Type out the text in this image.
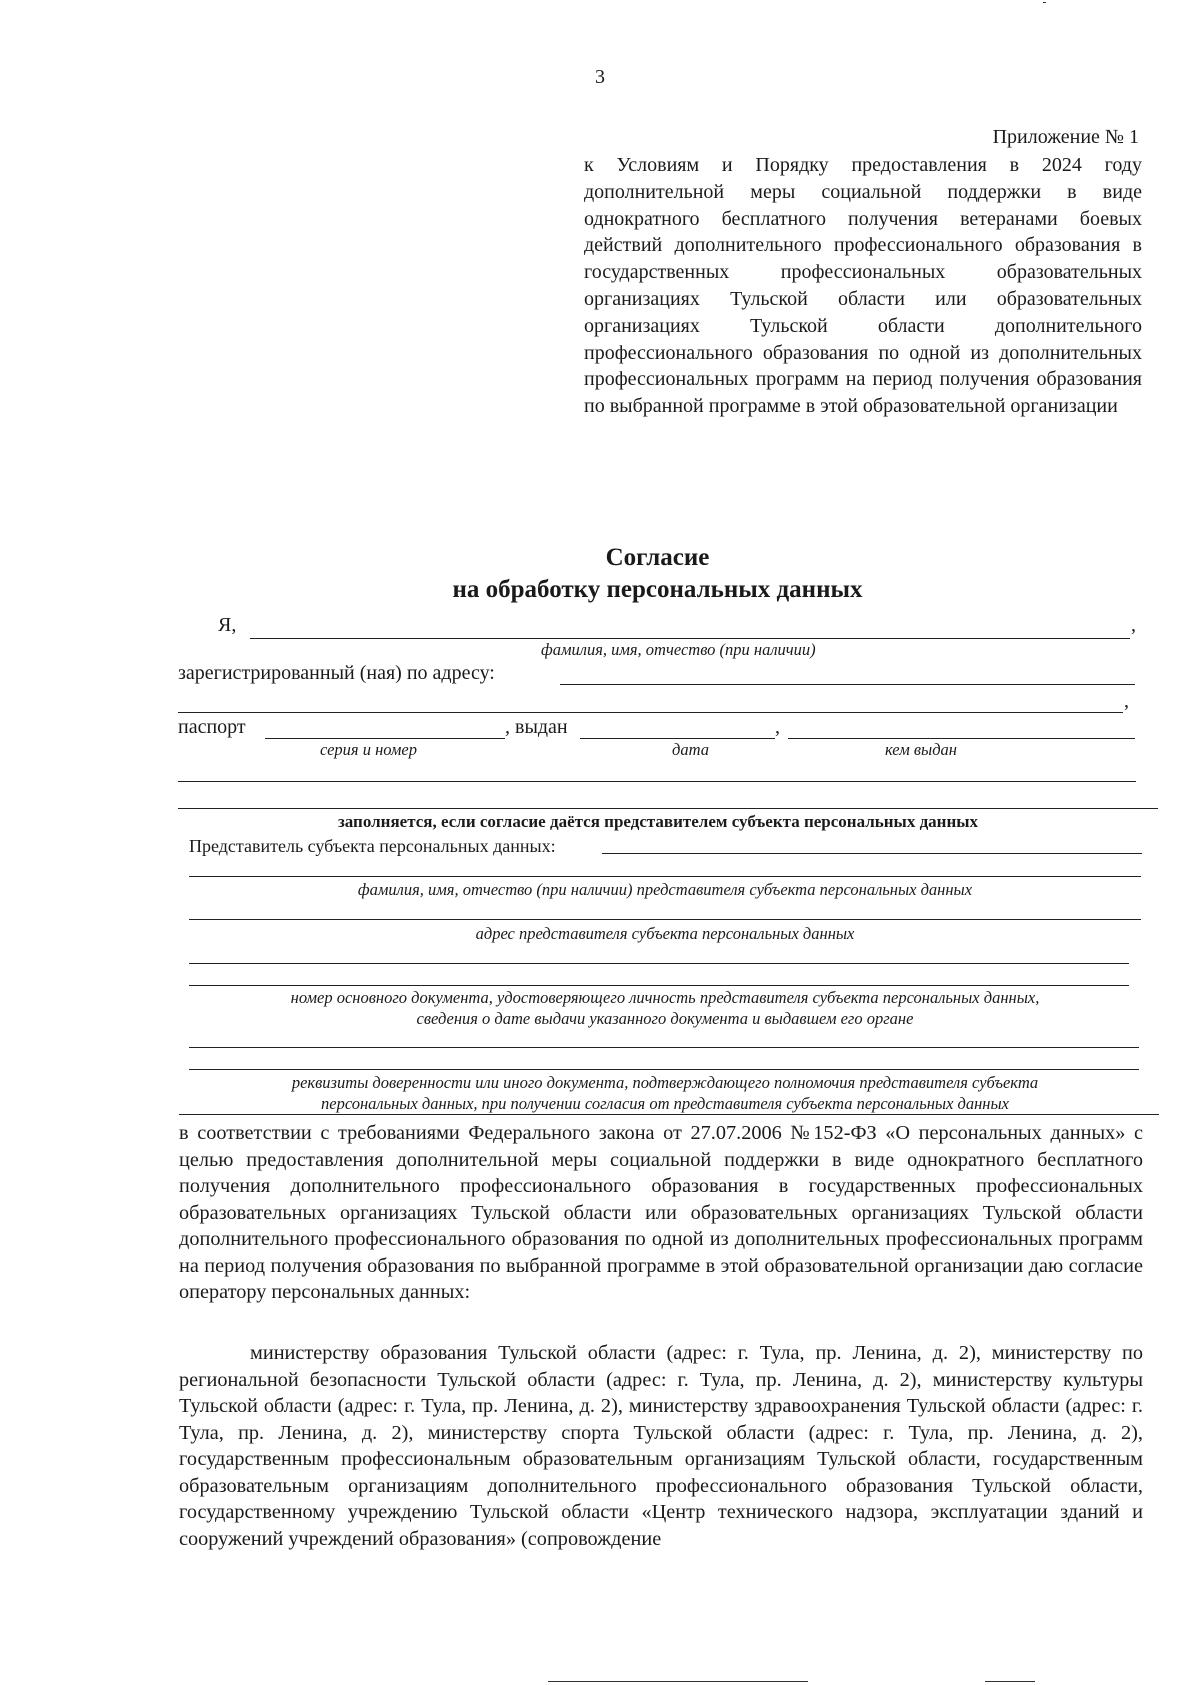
3
Приложение № 1
к Условиям и Порядку предоставления в 2024 году дополнительной меры социальной поддержки в виде однократного бесплатного получения ветеранами боевых действий дополнительного профессионального образования в государственных профессиональных образовательных организациях Тульской области или образовательных организациях Тульской области дополнительного профессионального образования по одной из дополнительных профессиональных программ на период получения образования по выбранной программе в этой образовательной организации
Согласие
на обработку персональных данных
Я,	,
фамилия, имя, отчество (при наличии)
зарегистрированный (ная) по адресу:
,
паспорт	, выдан	,
серия и номер	дата	кем выдан
заполняется, если согласие даётся представителем субъекта персональных данных
Представитель субъекта персональных данных:
фамилия, имя, отчество (при наличии) представителя субъекта персональных данных
адрес представителя субъекта персональных данных
номер основного документа, удостоверяющего личность представителя субъекта персональных данных,
сведения о дате выдачи указанного документа и выдавшем его органе
реквизиты доверенности или иного документа, подтверждающего полномочия представителя субъекта
персональных данных, при получении согласия от представителя субъекта персональных данных
в соответствии с требованиями Федерального закона от 27.07.2006 №152-ФЗ «О персональных данных» с целью предоставления дополнительной меры социальной поддержки в виде однократного бесплатного получения дополнительного профессионального образования в государственных профессиональных образовательных организациях Тульской области или образовательных организациях Тульской области дополнительного профессионального образования по одной из дополнительных профессиональных программ на период получения образования по выбранной программе в этой образовательной организации даю согласие оператору персональных данных:
министерству образования Тульской области (адрес: г. Тула, пр. Ленина, д. 2), министерству по региональной безопасности Тульской области (адрес: г. Тула, пр. Ленина, д. 2), министерству культуры Тульской области (адрес: г. Тула, пр. Ленина, д. 2), министерству здравоохранения Тульской области (адрес: г. Тула, пр. Ленина, д. 2), министерству спорта Тульской области (адрес: г. Тула, пр. Ленина, д. 2), государственным профессиональным образовательным организациям Тульской области, государственным образовательным организациям дополнительного профессионального образования Тульской области, государственному учреждению Тульской области «Центр технического надзора, эксплуатации зданий и сооружений учреждений образования» (сопровождение
